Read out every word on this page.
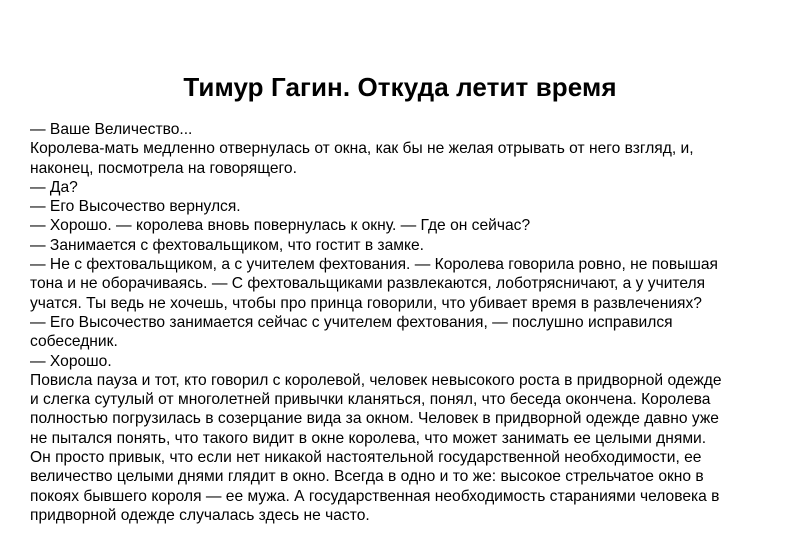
Тимур Гагин. Откуда летит время
— Ваше Величество...
Королева-мать медленно отвернулась от окна, как бы не желая отрывать от него взгляд, и,
наконец, посмотрела на говорящего.
— Да?
— Его Высочество вернулся.
— Хорошо. — королева вновь повернулась к окну. — Где он сейчас?
— Занимается с фехтовальщиком, что гостит в замке.
— Не с фехтовальщиком, а с учителем фехтования. — Королева говорила ровно, не повышая
тона и не оборачиваясь. — С фехтовальщиками развлекаются, лоботрясничают, а у учителя
учатся. Ты ведь не хочешь, чтобы про принца говорили, что убивает время в развлечениях?
— Его Высочество занимается сейчас с учителем фехтования, — послушно исправился
собеседник.
— Хорошо.
Повисла пауза и тот, кто говорил с королевой, человек невысокого роста в придворной одежде
и слегка сутулый от многолетней привычки кланяться, понял, что беседа окончена. Королева
полностью погрузилась в созерцание вида за окном. Человек в придворной одежде давно уже
не пытался понять, что такого видит в окне королева, что может занимать ее целыми днями.
Он просто привык, что если нет никакой настоятельной государственной необходимости, ее
величество целыми днями глядит в окно. Всегда в одно и то же: высокое стрельчатое окно в
покоях бывшего короля — ее мужа. А государственная необходимость стараниями человека в
придворной одежде случалась здесь не часто.
